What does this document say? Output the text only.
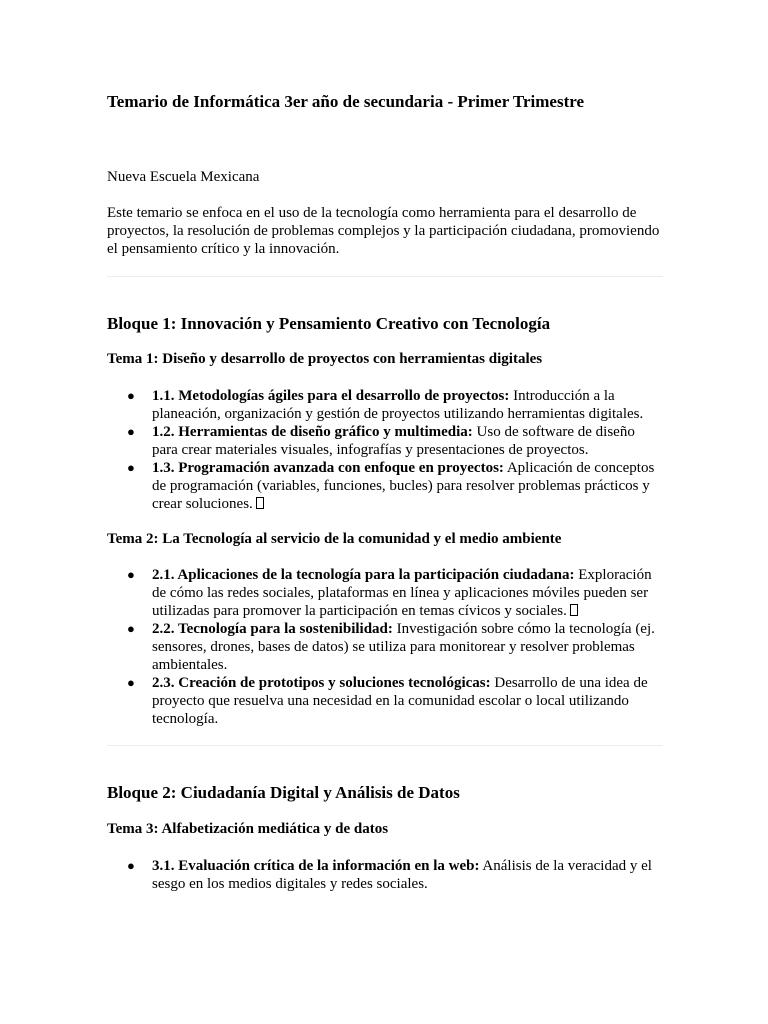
Temario de Informática 3er año de secundaria - Primer Trimestre

Nueva Escuela Mexicana

Este temario se enfoca en el uso de la tecnología como herramienta para el desarrollo de proyectos, la resolución de problemas complejos y la participación ciudadana, promoviendo el pensamiento crítico y la innovación.

Bloque 1: Innovación y Pensamiento Creativo con Tecnología
Tema 1: Diseño y desarrollo de proyectos con herramientas digitales
● 1.1. Metodologías ágiles para el desarrollo de proyectos: Introducción a la planeación, organización y gestión de proyectos utilizando herramientas digitales.
● 1.2. Herramientas de diseño gráfico y multimedia: Uso de software de diseño para crear materiales visuales, infografías y presentaciones de proyectos.
● 1.3. Programación avanzada con enfoque en proyectos: Aplicación de conceptos de programación (variables, funciones, bucles) para resolver problemas prácticos y crear soluciones.
Tema 2: La Tecnología al servicio de la comunidad y el medio ambiente
● 2.1. Aplicaciones de la tecnología para la participación ciudadana: Exploración de cómo las redes sociales, plataformas en línea y aplicaciones móviles pueden ser utilizadas para promover la participación en temas cívicos y sociales.
● 2.2. Tecnología para la sostenibilidad: Investigación sobre cómo la tecnología (ej. sensores, drones, bases de datos) se utiliza para monitorear y resolver problemas ambientales.
● 2.3. Creación de prototipos y soluciones tecnológicas: Desarrollo de una idea de proyecto que resuelva una necesidad en la comunidad escolar o local utilizando tecnología.
Bloque 2: Ciudadanía Digital y Análisis de Datos
Tema 3: Alfabetización mediática y de datos
● 3.1. Evaluación crítica de la información en la web: Análisis de la veracidad y el sesgo en los medios digitales y redes sociales.
